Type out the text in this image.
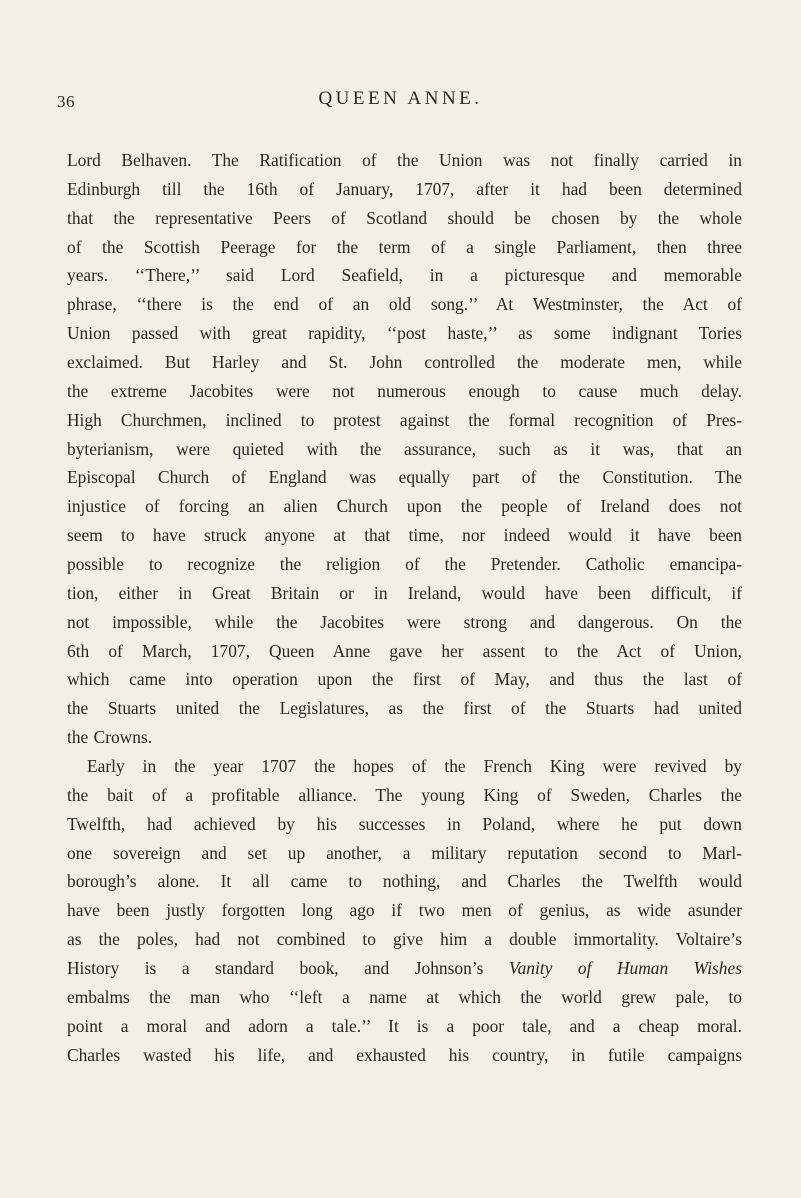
36	QUEEN ANNE.
Lord Belhaven. The Ratification of the Union was not finally carried in
Edinburgh till the 16th of January, 1707, after it had been determined
that the representative Peers of Scotland should be chosen by the whole
of the Scottish Peerage for the term of a single Parliament, then three
years. ‘‘There,’’ said Lord Seafield, in a picturesque and memorable
phrase, ‘‘there is the end of an old song.’’ At Westminster, the Act of
Union passed with great rapidity, ‘‘post haste,’’ as some indignant Tories
exclaimed. But Harley and St. John controlled the moderate men, while
the extreme Jacobites were not numerous enough to cause much delay.
High Churchmen, inclined to protest against the formal recognition of Pres-
byterianism, were quieted with the assurance, such as it was, that an
Episcopal Church of England was equally part of the Constitution. The
injustice of forcing an alien Church upon the people of Ireland does not
seem to have struck anyone at that time, nor indeed would it have been
possible to recognize the religion of the Pretender. Catholic emancipa-
tion, either in Great Britain or in Ireland, would have been difficult, if
not impossible, while the Jacobites were strong and dangerous. On the
6th of March, 1707, Queen Anne gave her assent to the Act of Union,
which came into operation upon the first of May, and thus the last of
the Stuarts united the Legislatures, as the first of the Stuarts had united
the Crowns.
Early in the year 1707 the hopes of the French King were revived by
the bait of a profitable alliance. The young King of Sweden, Charles the
Twelfth, had achieved by his successes in Poland, where he put down
one sovereign and set up another, a military reputation second to Marl-
borough’s alone. It all came to nothing, and Charles the Twelfth would
have been justly forgotten long ago if two men of genius, as wide asunder
as the poles, had not combined to give him a double immortality. Voltaire’s
History is a standard book, and Johnson’s Vanity of Human Wishes
embalms the man who ‘‘left a name at which the world grew pale, to
point a moral and adorn a tale.’’ It is a poor tale, and a cheap moral.
Charles wasted his life, and exhausted his country, in futile campaigns
